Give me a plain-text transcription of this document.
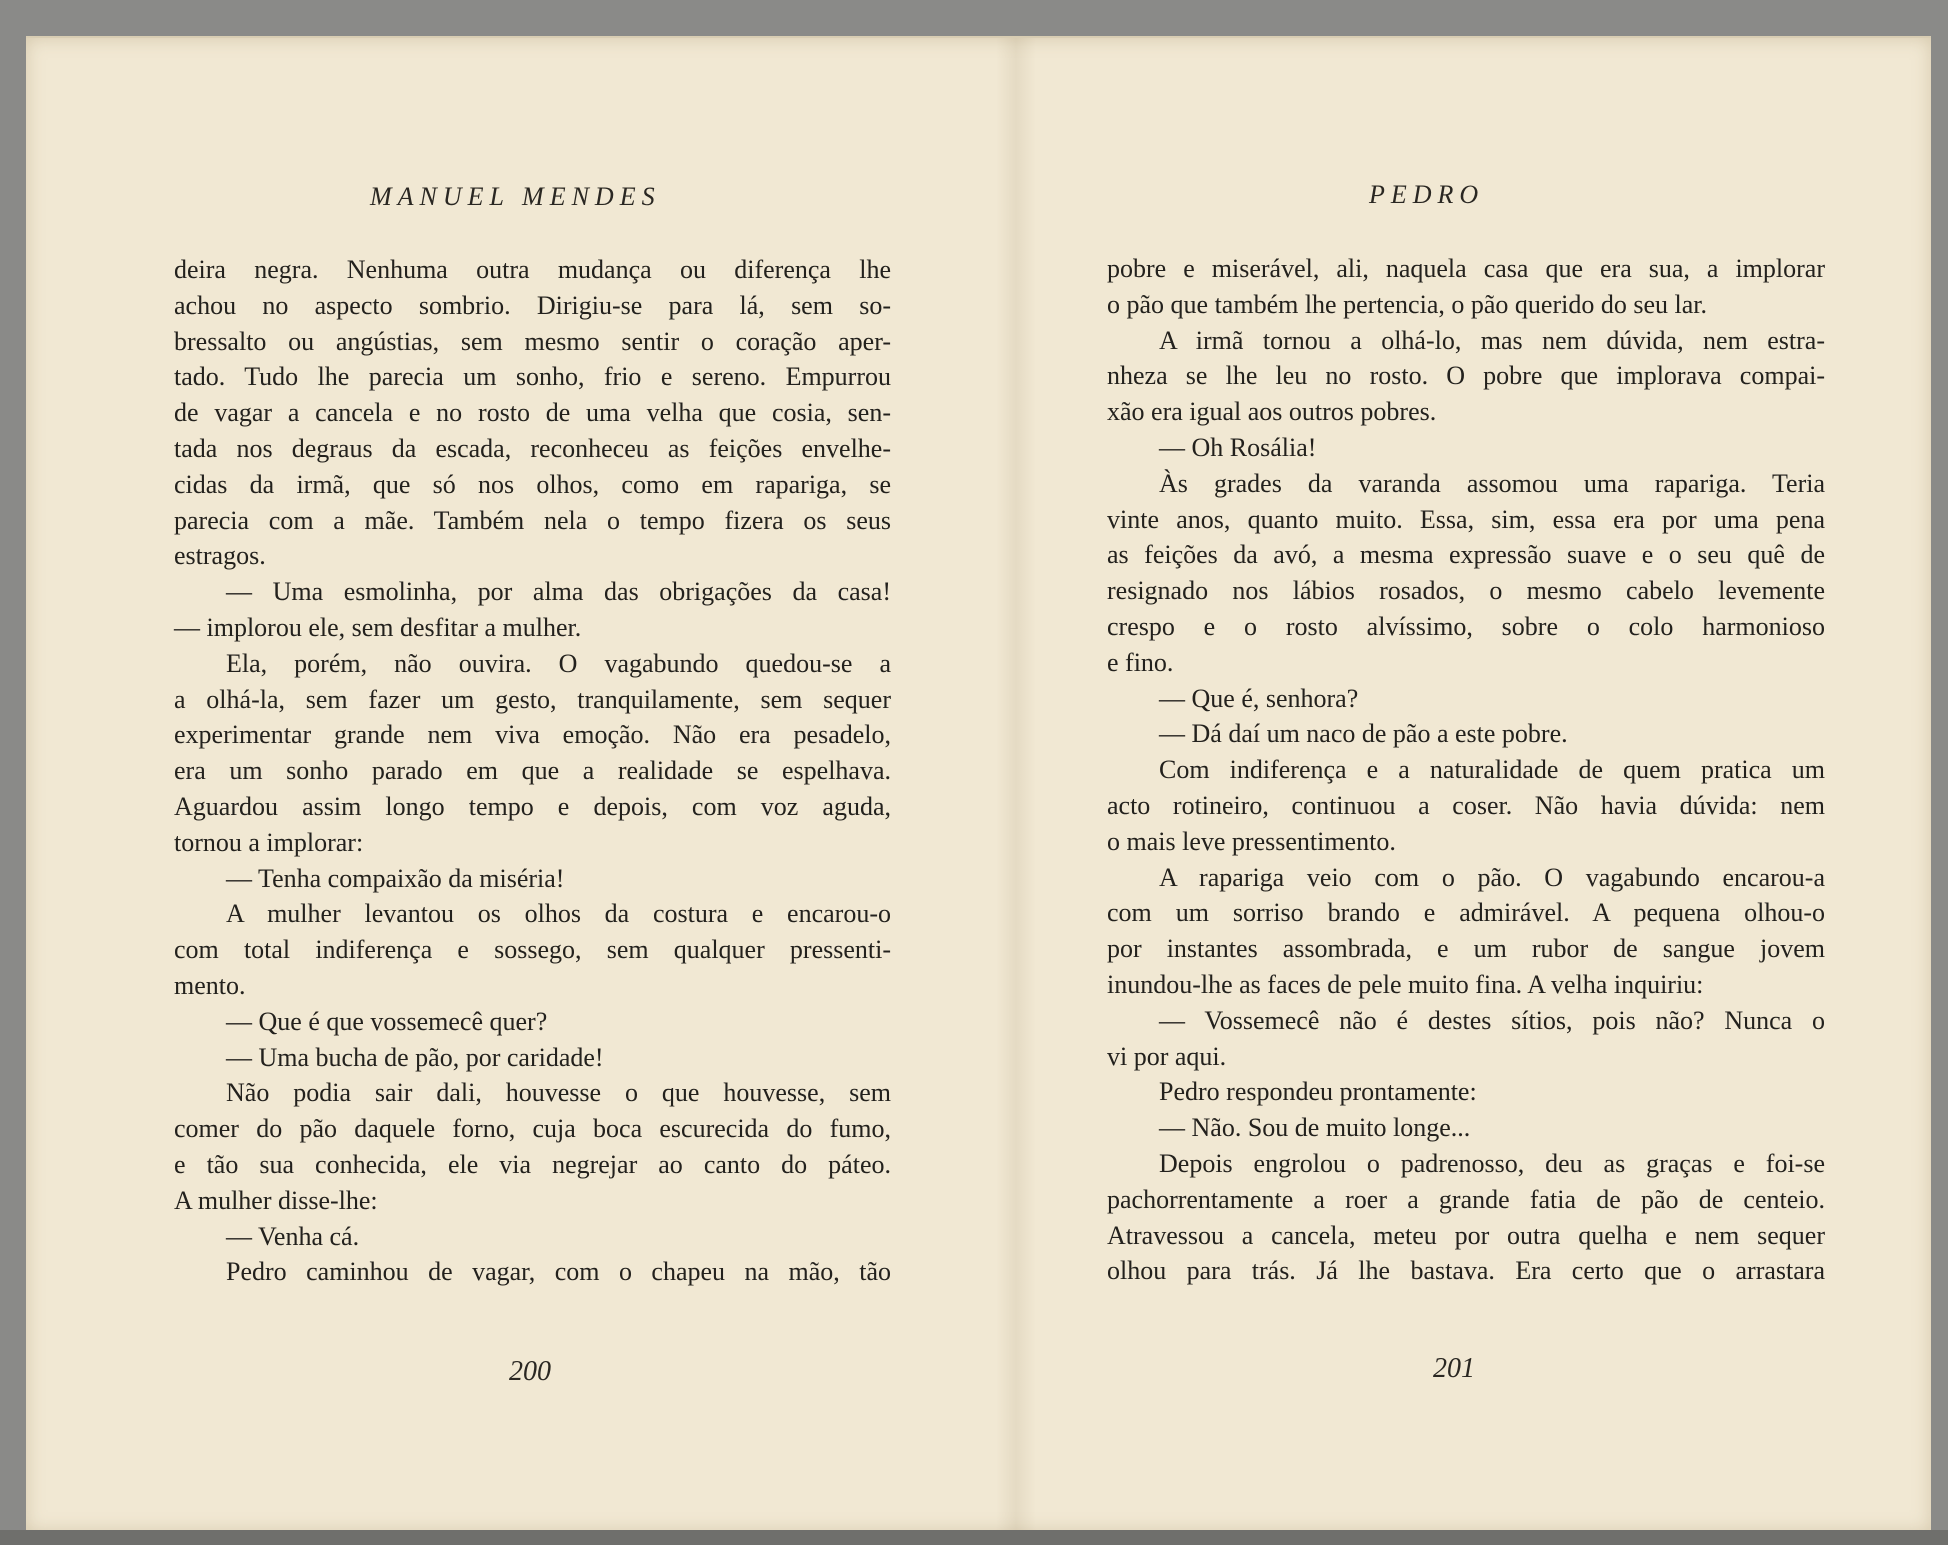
MANUEL MENDES
deira negra. Nenhuma outra mudança ou diferença lhe
achou no aspecto sombrio. Dirigiu-se para lá, sem so-
bressalto ou angústias, sem mesmo sentir o coração aper-
tado. Tudo lhe parecia um sonho, frio e sereno. Empurrou
de vagar a cancela e no rosto de uma velha que cosia, sen-
tada nos degraus da escada, reconheceu as feições envelhe-
cidas da irmã, que só nos olhos, como em rapariga, se
parecia com a mãe. Também nela o tempo fizera os seus
estragos.
— Uma esmolinha, por alma das obrigações da casa!
— implorou ele, sem desfitar a mulher.
Ela, porém, não ouvira. O vagabundo quedou-se a
a olhá-la, sem fazer um gesto, tranquilamente, sem sequer
experimentar grande nem viva emoção. Não era pesadelo,
era um sonho parado em que a realidade se espelhava.
Aguardou assim longo tempo e depois, com voz aguda,
tornou a implorar:
— Tenha compaixão da miséria!
A mulher levantou os olhos da costura e encarou-o
com total indiferença e sossego, sem qualquer pressenti-
mento.
— Que é que vossemecê quer?
— Uma bucha de pão, por caridade!
Não podia sair dali, houvesse o que houvesse, sem
comer do pão daquele forno, cuja boca escurecida do fumo,
e tão sua conhecida, ele via negrejar ao canto do páteo.
A mulher disse-lhe:
— Venha cá.
Pedro caminhou de vagar, com o chapeu na mão, tão
200
PEDRO
pobre e miserável, ali, naquela casa que era sua, a implorar
o pão que também lhe pertencia, o pão querido do seu lar.
A irmã tornou a olhá-lo, mas nem dúvida, nem estra-
nheza se lhe leu no rosto. O pobre que implorava compai-
xão era igual aos outros pobres.
— Oh Rosália!
Às grades da varanda assomou uma rapariga. Teria
vinte anos, quanto muito. Essa, sim, essa era por uma pena
as feições da avó, a mesma expressão suave e o seu quê de
resignado nos lábios rosados, o mesmo cabelo levemente
crespo e o rosto alvíssimo, sobre o colo harmonioso
e fino.
— Que é, senhora?
— Dá daí um naco de pão a este pobre.
Com indiferença e a naturalidade de quem pratica um
acto rotineiro, continuou a coser. Não havia dúvida: nem
o mais leve pressentimento.
A rapariga veio com o pão. O vagabundo encarou-a
com um sorriso brando e admirável. A pequena olhou-o
por instantes assombrada, e um rubor de sangue jovem
inundou-lhe as faces de pele muito fina. A velha inquiriu:
— Vossemecê não é destes sítios, pois não? Nunca o
vi por aqui.
Pedro respondeu prontamente:
— Não. Sou de muito longe...
Depois engrolou o padrenosso, deu as graças e foi-se
pachorrentamente a roer a grande fatia de pão de centeio.
Atravessou a cancela, meteu por outra quelha e nem sequer
olhou para trás. Já lhe bastava. Era certo que o arrastara
201
